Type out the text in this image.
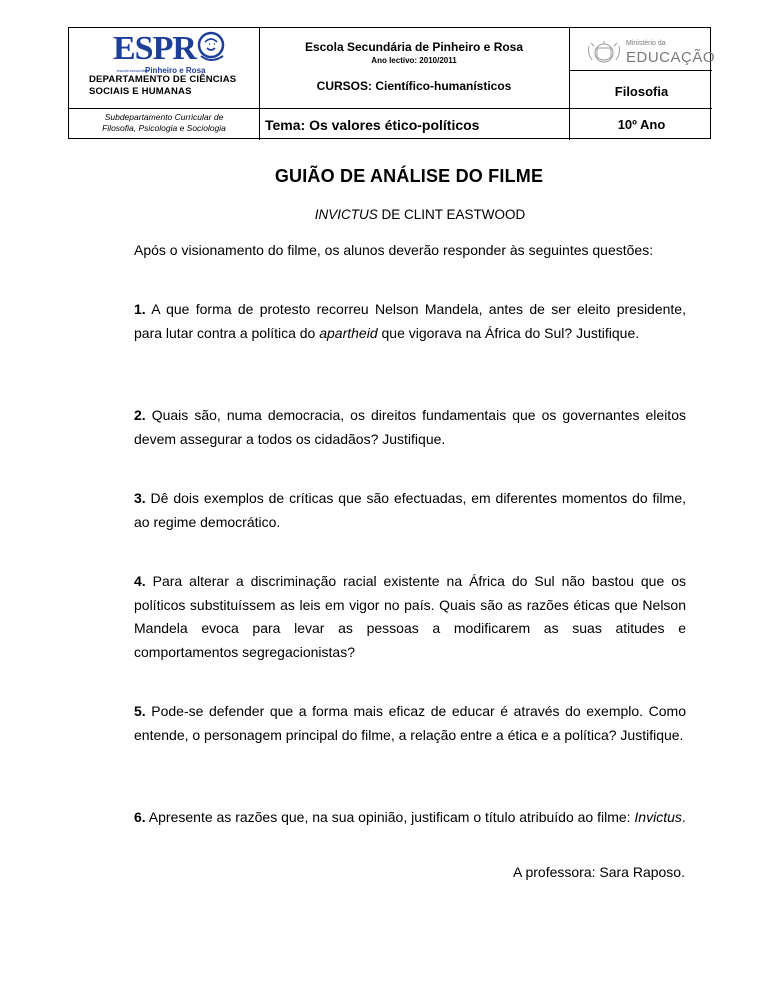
ESPR
escola secundária
Pinheiro e Rosa
DEPARTAMENTO DE CIÊNCIAS
SOCIAIS E HUMANAS
Subdepartamento Curricular de
Filosofia, Psicologia e Sociologia
Escola Secundária de Pinheiro e Rosa
Ano lectivo: 2010/2011
CURSOS: Científico-humanísticos
Tema: Os valores ético-políticos
Ministério da
EDUCAÇÃO
Filosofia
10º Ano
GUIÃO DE ANÁLISE DO FILME
INVICTUS DE CLINT EASTWOOD
Após o visionamento do filme, os alunos deverão responder às seguintes questões:
1. A que forma de protesto recorreu Nelson Mandela, antes de ser eleito presidente, para lutar contra a política do apartheid que vigorava na África do Sul? Justifique.
2. Quais são, numa democracia, os direitos fundamentais que os governantes eleitos devem assegurar a todos os cidadãos? Justifique.
3. Dê dois exemplos de críticas que são efectuadas, em diferentes momentos do filme, ao regime democrático.
4. Para alterar a discriminação racial existente na África do Sul não bastou que os políticos substituíssem as leis em vigor no país. Quais são as razões éticas que Nelson Mandela evoca para levar as pessoas a modificarem as suas atitudes e comportamentos segregacionistas?
5. Pode-se defender que a forma mais eficaz de educar é através do exemplo. Como entende, o personagem principal do filme, a relação entre a ética e a política? Justifique.
6. Apresente as razões que, na sua opinião, justificam o título atribuído ao filme: Invictus.
A professora: Sara Raposo.
